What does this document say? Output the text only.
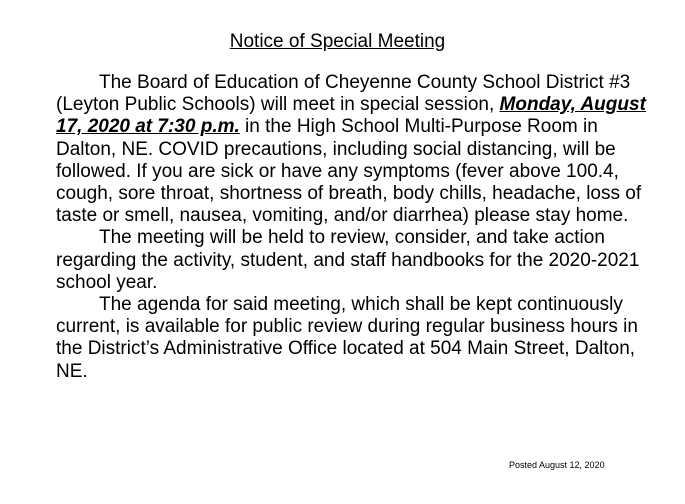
Notice of Special Meeting

The Board of Education of Cheyenne County School District #3 (Leyton Public Schools) will meet in special session, Monday, August 17, 2020 at 7:30 p.m. in the High School Multi-Purpose Room in Dalton, NE. COVID precautions, including social distancing, will be followed. If you are sick or have any symptoms (fever above 100.4, cough, sore throat, shortness of breath, body chills, headache, loss of taste or smell, nausea, vomiting, and/or diarrhea) please stay home.

The meeting will be held to review, consider, and take action regarding the activity, student, and staff handbooks for the 2020-2021 school year.

The agenda for said meeting, which shall be kept continuously current, is available for public review during regular business hours in the District’s Administrative Office located at 504 Main Street, Dalton, NE.

Posted August 12, 2020
